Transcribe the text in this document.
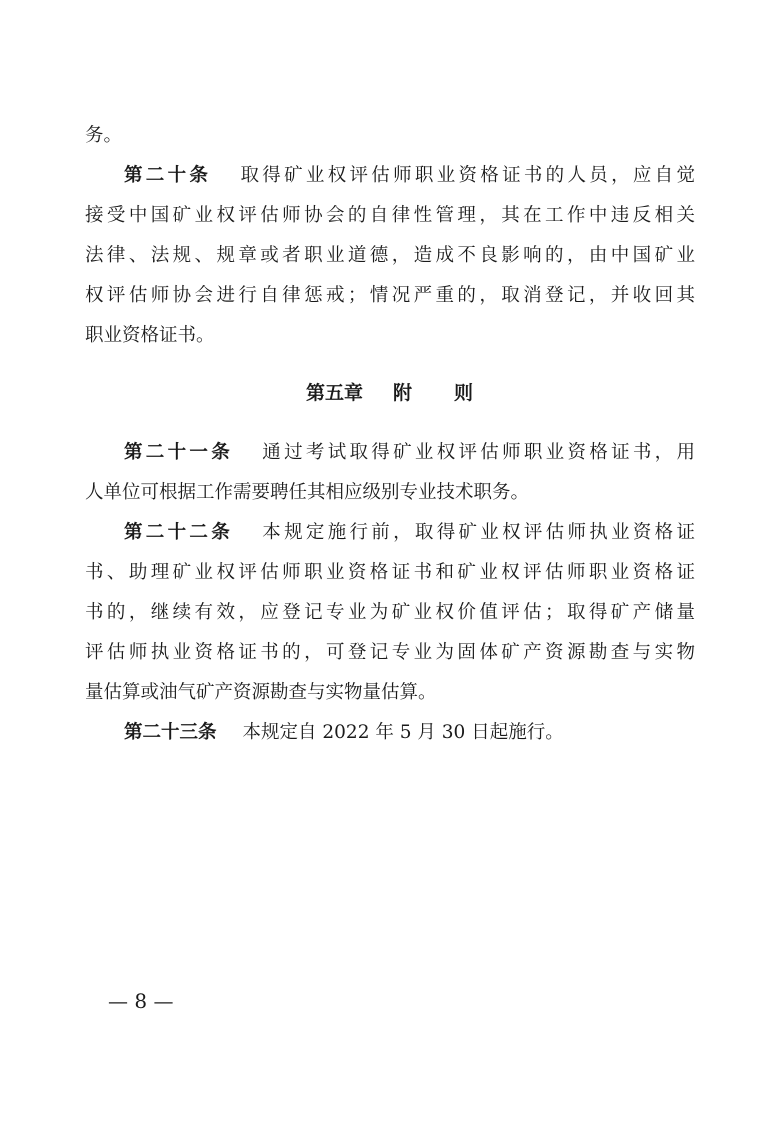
务。
第二十条 取得矿业权评估师职业资格证书的人员，应自觉
接受中国矿业权评估师协会的自律性管理，其在工作中违反相关
法律、法规、规章或者职业道德，造成不良影响的，由中国矿业
权评估师协会进行自律惩戒；情况严重的，取消登记，并收回其
职业资格证书。
第五章 附 则
第二十一条 通过考试取得矿业权评估师职业资格证书，用
人单位可根据工作需要聘任其相应级别专业技术职务。
第二十二条 本规定施行前，取得矿业权评估师执业资格证
书、助理矿业权评估师职业资格证书和矿业权评估师职业资格证
书的，继续有效，应登记专业为矿业权价值评估；取得矿产储量
评估师执业资格证书的，可登记专业为固体矿产资源勘查与实物
量估算或油气矿产资源勘查与实物量估算。
第二十三条 本规定自 2022 年 5 月 30 日起施行。
— 8 —
